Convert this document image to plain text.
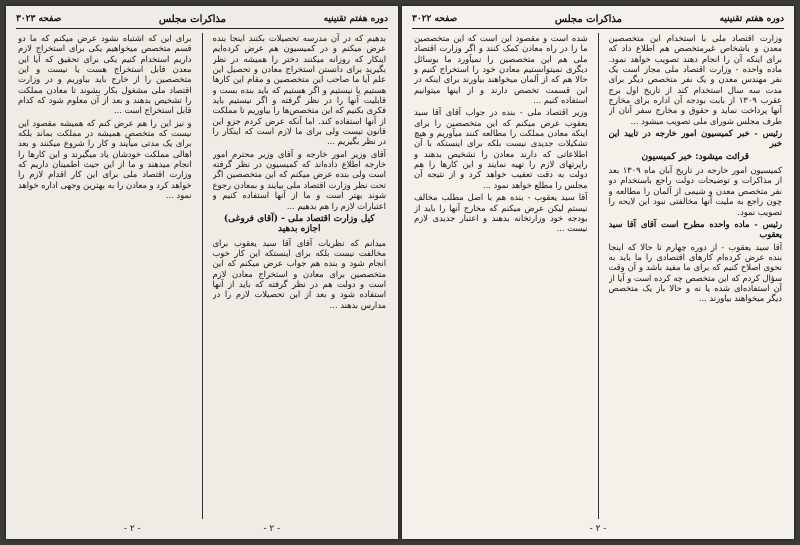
دوره هفتم تقنينيه
مذاكرات مجلس
صفحه ٣٠٢٣

بدهیم که در آن مدرسه تحصیلات بکنند اینجا بنده عرض میکنم و در کمیسیون هم عرض کرده‌ایم اینکار که روزانه میکنند دختر را همیشه در نظر بگیرید برای دانستن استخراج معادن و تحصیل این علم آیا ما صاحب این متخصصین و مقام این کارها هستیم یا نیستیم و اگر هستیم که باید بنده بست و قابلیت آنها را در نظر گرفته و اگر نیستیم باید فکری بکنیم که این متخصص‌ها را بیاوریم تا مملکت از آنها استفاده کند. اما آنکه عرض کردم جزو این قانون نیست ولی برای ما لازم است که اینکار را در نظر بگیریم ...

آقای وزیر امور خارجه و آقای وزیر محترم امور خارجه اطلاع داده‌اند که کمیسیون در نظر گرفته است ولی بنده عرض میکنم که این متخصصین اگر تحت نظر وزارت اقتصاد ملی بیایند و بمعادن رجوع شوند بهتر است و ما از آنها استفاده کنیم و اعتبارات لازم را هم بدهیم ...

کیل وزارت اقتصاد ملی - (آقای فروغی) اجازه بدهید

میدانم که نظریات آقای آقا سید یعقوب برای مخالفت نیست بلکه برای اینستکه این کار خوب انجام شود و بنده هم جواب عرض میکنم که این متخصصین برای معادن و استخراج معادن لازم است و دولت هم در نظر گرفته که باید از آنها استفاده شود و بعد از این تحصیلات لازم را در مدارس بدهند ...

برای این که اشتباه نشود عرض میکنم که ما دو قسم متخصص میخواهیم یکی برای استخراج لازم داریم استخدام کنیم یکی برای تحقیق که آیا این معدن قابل استخراج هست یا نیست و این متخصصین را از خارج باید بیاوریم و در وزارت اقتصاد ملی مشغول بکار بشوند تا معادن مملکت را تشخیص بدهند و بعد از آن معلوم شود که کدام قابل استخراج است ...

و نیز این را هم عرض کنم که همیشه مقصود این نیست که متخصص همیشه در مملکت بماند بلکه برای یک مدتی میآیند و کار را شروع میکنند و بعد اهالی مملکت خودشان یاد میگیرند و این کارها را انجام میدهند و ما از این حیث اطمینان داریم که وزارت اقتصاد ملی برای این کار اقدام لازم را خواهد کرد و معادن را به بهترین وجهی اداره خواهد نمود ...

- ۲ -	- ۲ -
دوره هفتم تقنينيه
مذاكرات مجلس
صفحه ٣٠٢٢

وزارت اقتصاد ملی با استخدام این متخصصین معدن و باشخاص غیرمتخصص هم اطلاع داد که برای اینکه آن را انجام دهند تصویب خواهد نمود. ماده واحده - وزارت اقتصاد ملی مجاز است یک نفر مهندس معدن و یک نفر متخصص دیگر برای مدت سه سال استخدام کند از تاریخ اول برج عقرب ۱۳۰۹ از بابت بودجه آن اداره برای مخارج آنها پرداخت نماید و حقوق و مخارج سفر آنان از طرف مجلس شورای ملی تصویب میشود ...

رئیس - خبر کمیسیون امور خارجه در تایید این خبر

قرائت میشود: خبر کمیسیون

کمیسیون امور خارجه در تاریخ آبان ماه ۱۳۰۹ بعد از مذاکرات و توضیحات دولت راجع باستخدام دو نفر متخصص معدن و شیمی از آلمان را مطالعه و چون راجع به ملیت آنها مخالفتی نبود این لایحه را تصویب نمود.

رئیس - ماده واحده مطرح است آقای آقا سید یعقوب

آقا سید یعقوب - از دوره چهارم تا حالا که اینجا بنده عرض کرده‌ام کارهای اقتصادی را ما باید به نحوی اصلاح کنیم که برای ما مفید باشد و آن وقت سؤال کردم که این متخصص چه کرده است و آیا از آن استفاده‌ای شده یا نه و حالا باز یک متخصص دیگر میخواهند بیاورند ...

شده است و مقصود این است که این متخصصین ما را در راه معادن کمک کنند و اگر وزارت اقتصاد ملی هم این متخصصین را نمیآورد ما بوسائل دیگری نمیتوانستیم معادن خود را استخراج کنیم و حالا هم که از آلمان میخواهند بیاورند برای اینکه در این قسمت تخصص دارند و از اینها میتوانیم استفاده کنیم ...

وزیر اقتصاد ملی - بنده در جواب آقای آقا سید یعقوب عرض میکنم که این متخصصین را برای اینکه معادن مملکت را مطالعه کنند میآوریم و هیچ تشکیلات جدیدی نیست بلکه برای اینستکه با آن اطلاعاتی که دارند معادن را تشخیص بدهند و راپرتهای لازم را تهیه نمایند و این کارها را هم دولت به دقت تعقیب خواهد کرد و از نتیجه آن مجلس را مطلع خواهد نمود ...

آقا سید یعقوب - بنده هم با اصل مطلب مخالف نیستم لیکن عرض میکنم که مخارج آنها را باید از بودجه خود وزارتخانه بدهند و اعتبار جدیدی لازم نیست ...

- ۲ -
